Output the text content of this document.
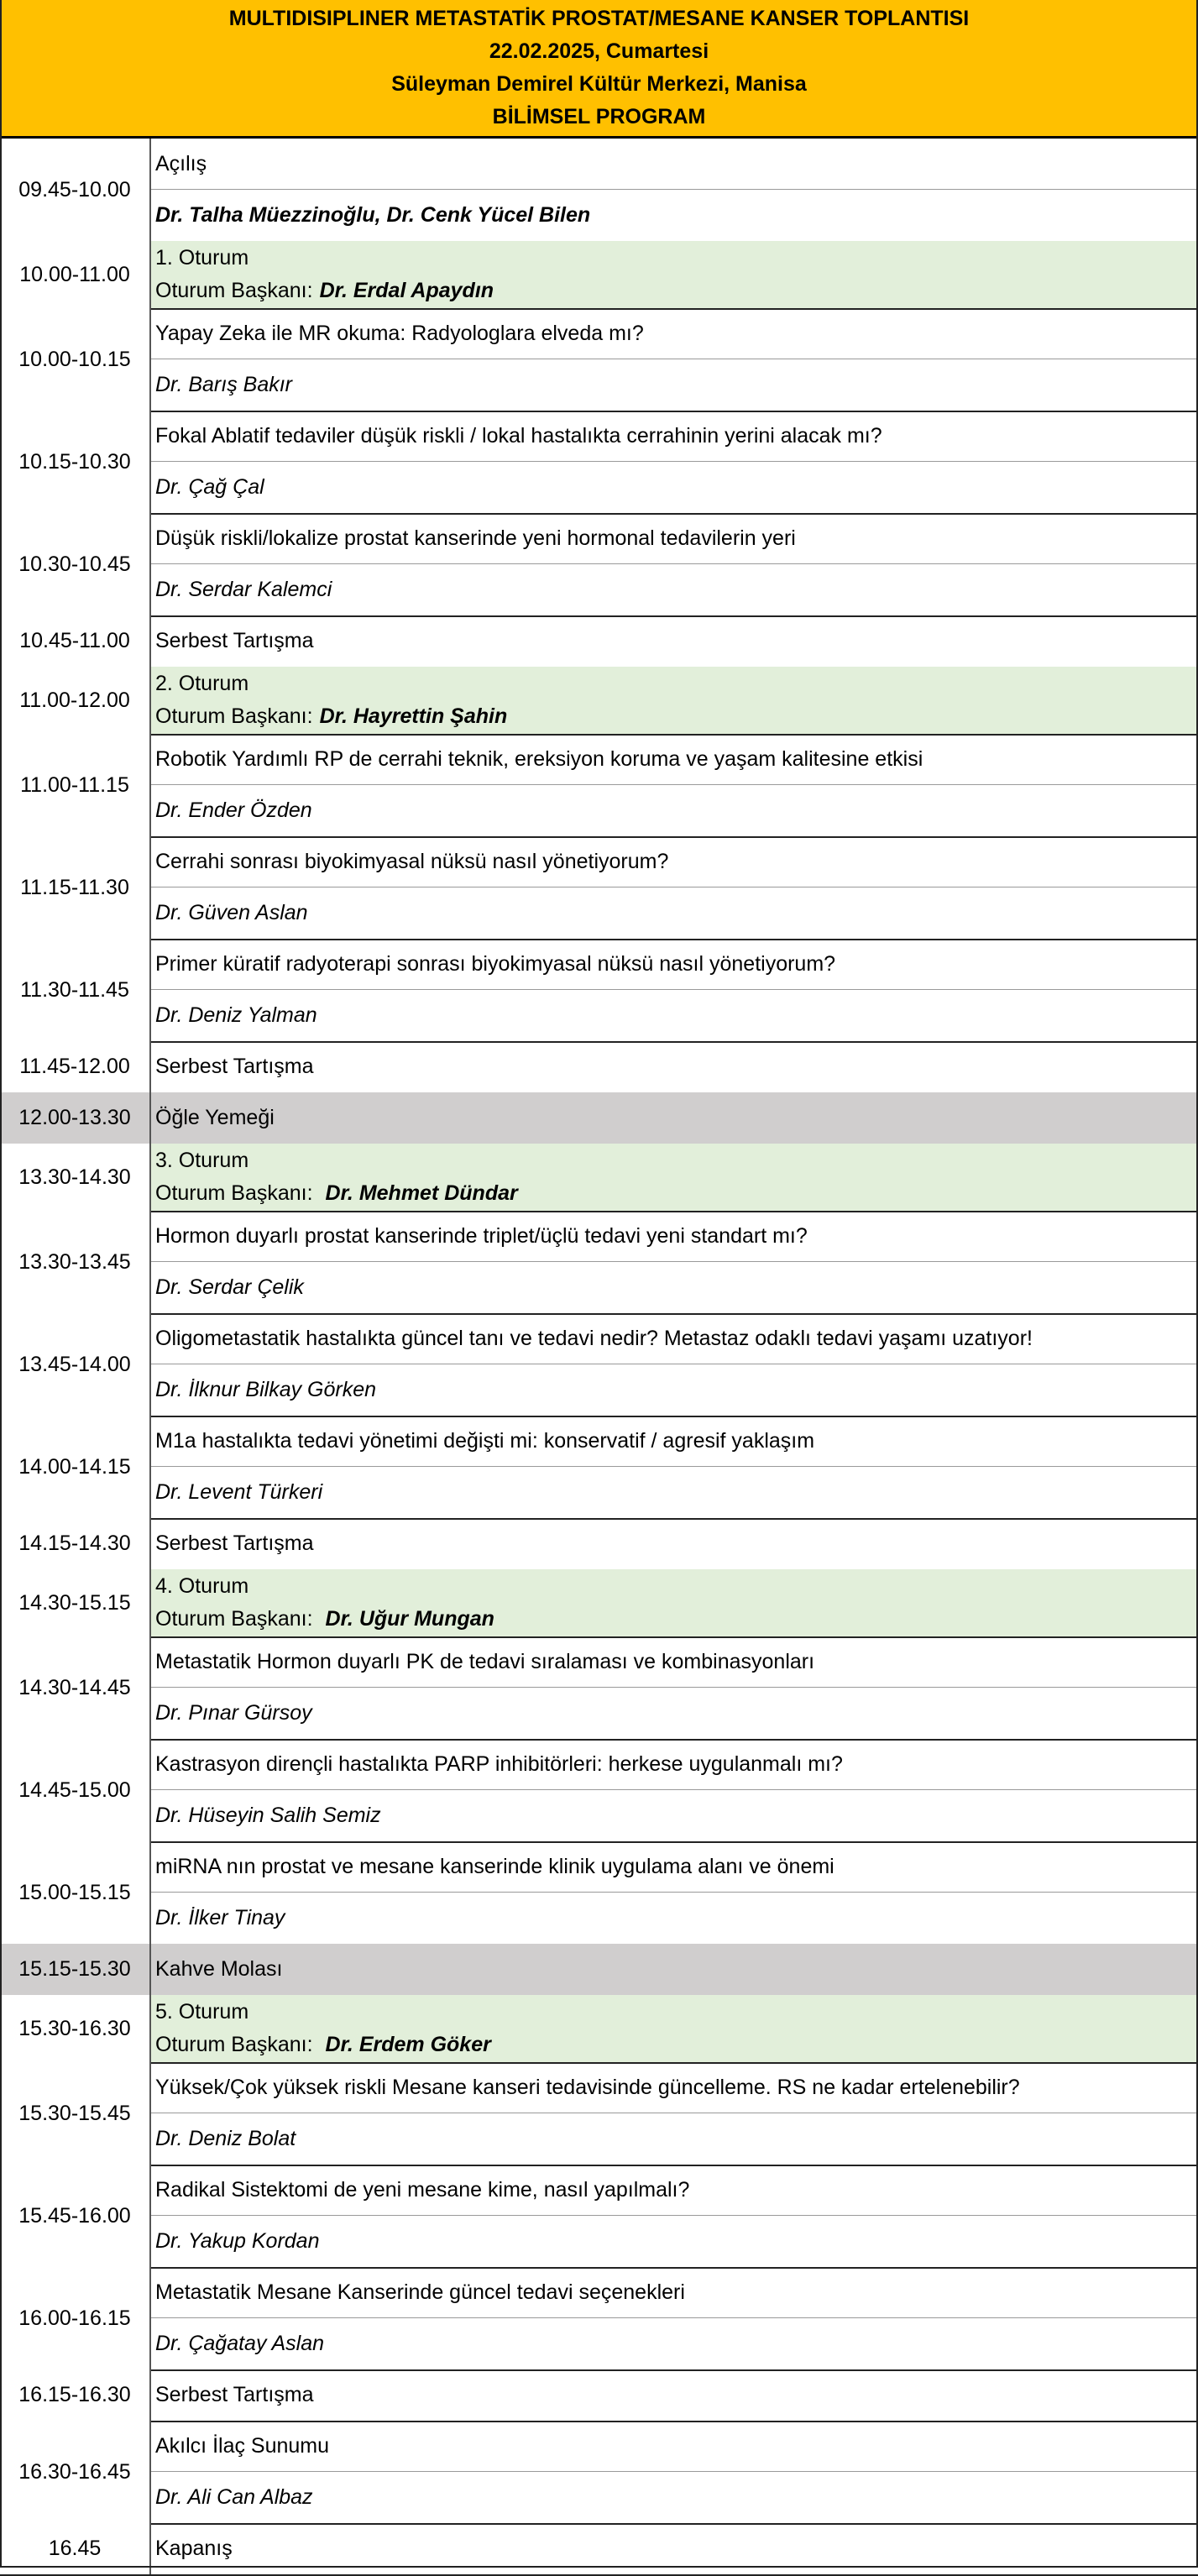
MULTIDISIPLINER METASTATİK PROSTAT/MESANE KANSER TOPLANTISI
22.02.2025, Cumartesi
Süleyman Demirel Kültür Merkezi, Manisa
BİLİMSEL PROGRAM
09.45-10.00
Açılış
Dr. Talha Müezzinoğlu, Dr. Cenk Yücel Bilen
10.00-11.00
1. Oturum
Oturum Başkanı: Dr. Erdal Apaydın
10.00-10.15
Yapay Zeka ile MR okuma: Radyologlara elveda mı?
Dr. Barış Bakır
10.15-10.30
Fokal Ablatif tedaviler düşük riskli / lokal hastalıkta cerrahinin yerini alacak mı?
Dr. Çağ Çal
10.30-10.45
Düşük riskli/lokalize prostat kanserinde yeni hormonal tedavilerin yeri
Dr. Serdar Kalemci
10.45-11.00	Serbest Tartışma
11.00-12.00
2. Oturum
Oturum Başkanı: Dr. Hayrettin Şahin
11.00-11.15
Robotik Yardımlı RP de cerrahi teknik, ereksiyon koruma ve yaşam kalitesine etkisi
Dr. Ender Özden
11.15-11.30
Cerrahi sonrası biyokimyasal nüksü nasıl yönetiyorum?
Dr. Güven Aslan
11.30-11.45
Primer küratif radyoterapi sonrası biyokimyasal nüksü nasıl yönetiyorum?
Dr. Deniz Yalman
11.45-12.00	Serbest Tartışma
12.00-13.30	Öğle Yemeği
13.30-14.30
3. Oturum
Oturum Başkanı: Dr. Mehmet Dündar
13.30-13.45
Hormon duyarlı prostat kanserinde triplet/üçlü tedavi yeni standart mı?
Dr. Serdar Çelik
13.45-14.00
Oligometastatik hastalıkta güncel tanı ve tedavi nedir? Metastaz odaklı tedavi yaşamı uzatıyor!
Dr. İlknur Bilkay Görken
14.00-14.15
M1a hastalıkta tedavi yönetimi değişti mi: konservatif / agresif yaklaşım
Dr. Levent Türkeri
14.15-14.30	Serbest Tartışma
14.30-15.15
4. Oturum
Oturum Başkanı: Dr. Uğur Mungan
14.30-14.45
Metastatik Hormon duyarlı PK de tedavi sıralaması ve kombinasyonları
Dr. Pınar Gürsoy
14.45-15.00
Kastrasyon dirençli hastalıkta PARP inhibitörleri: herkese uygulanmalı mı?
Dr. Hüseyin Salih Semiz
15.00-15.15
miRNA nın prostat ve mesane kanserinde klinik uygulama alanı ve önemi
Dr. İlker Tinay
15.15-15.30	Kahve Molası
15.30-16.30
5. Oturum
Oturum Başkanı: Dr. Erdem Göker
15.30-15.45
Yüksek/Çok yüksek riskli Mesane kanseri tedavisinde güncelleme. RS ne kadar ertelenebilir?
Dr. Deniz Bolat
15.45-16.00
Radikal Sistektomi de yeni mesane kime, nasıl yapılmalı?
Dr. Yakup Kordan
16.00-16.15
Metastatik Mesane Kanserinde güncel tedavi seçenekleri
Dr. Çağatay Aslan
16.15-16.30	Serbest Tartışma
16.30-16.45
Akılcı İlaç Sunumu
Dr. Ali Can Albaz
16.45	Kapanış
